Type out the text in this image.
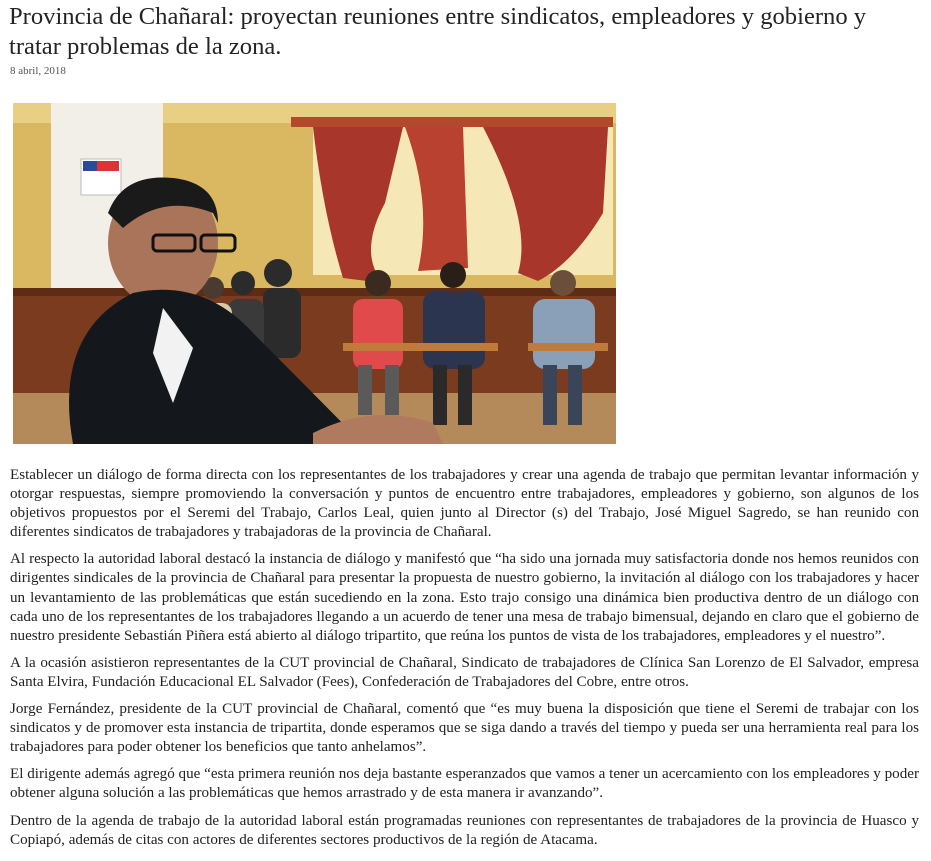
Provincia de Chañaral: proyectan reuniones entre sindicatos, empleadores y gobierno y tratar problemas de la zona.
8 abril, 2018

Establecer un diálogo de forma directa con los representantes de los trabajadores y crear una agenda de trabajo que permitan levantar información y otorgar respuestas, siempre promoviendo la conversación y puntos de encuentro entre trabajadores, empleadores y gobierno, son algunos de los objetivos propuestos por el Seremi del Trabajo, Carlos Leal, quien junto al Director (s) del Trabajo, José Miguel Sagredo, se han reunido con diferentes sindicatos de trabajadores y trabajadoras de la provincia de Chañaral.

Al respecto la autoridad laboral destacó la instancia de diálogo y manifestó que “ha sido una jornada muy satisfactoria donde nos hemos reunidos con dirigentes sindicales de la provincia de Chañaral para presentar la propuesta de nuestro gobierno, la invitación al diálogo con los trabajadores y hacer un levantamiento de las problemáticas que están sucediendo en la zona. Esto trajo consigo una dinámica bien productiva dentro de un diálogo con cada uno de los representantes de los trabajadores llegando a un acuerdo de tener una mesa de trabajo bimensual, dejando en claro que el gobierno de nuestro presidente Sebastián Piñera está abierto al diálogo tripartito, que reúna los puntos de vista de los trabajadores, empleadores y el nuestro”.

A la ocasión asistieron representantes de la CUT provincial de Chañaral, Sindicato de trabajadores de Clínica San Lorenzo de El Salvador, empresa Santa Elvira, Fundación Educacional EL Salvador (Fees), Confederación de Trabajadores del Cobre, entre otros.

Jorge Fernández, presidente de la CUT provincial de Chañaral, comentó que “es muy buena la disposición que tiene el Seremi de trabajar con los sindicatos y de promover esta instancia de tripartita, donde esperamos que se siga dando a través del tiempo y pueda ser una herramienta real para los trabajadores para poder obtener los beneficios que tanto anhelamos”.

El dirigente además agregó que “esta primera reunión nos deja bastante esperanzados que vamos a tener un acercamiento con los empleadores y poder obtener alguna solución a las problemáticas que hemos arrastrado y de esta manera ir avanzando”.

Dentro de la agenda de trabajo de la autoridad laboral están programadas reuniones con representantes de trabajadores de la provincia de Huasco y Copiapó, además de citas con actores de diferentes sectores productivos de la región de Atacama.
